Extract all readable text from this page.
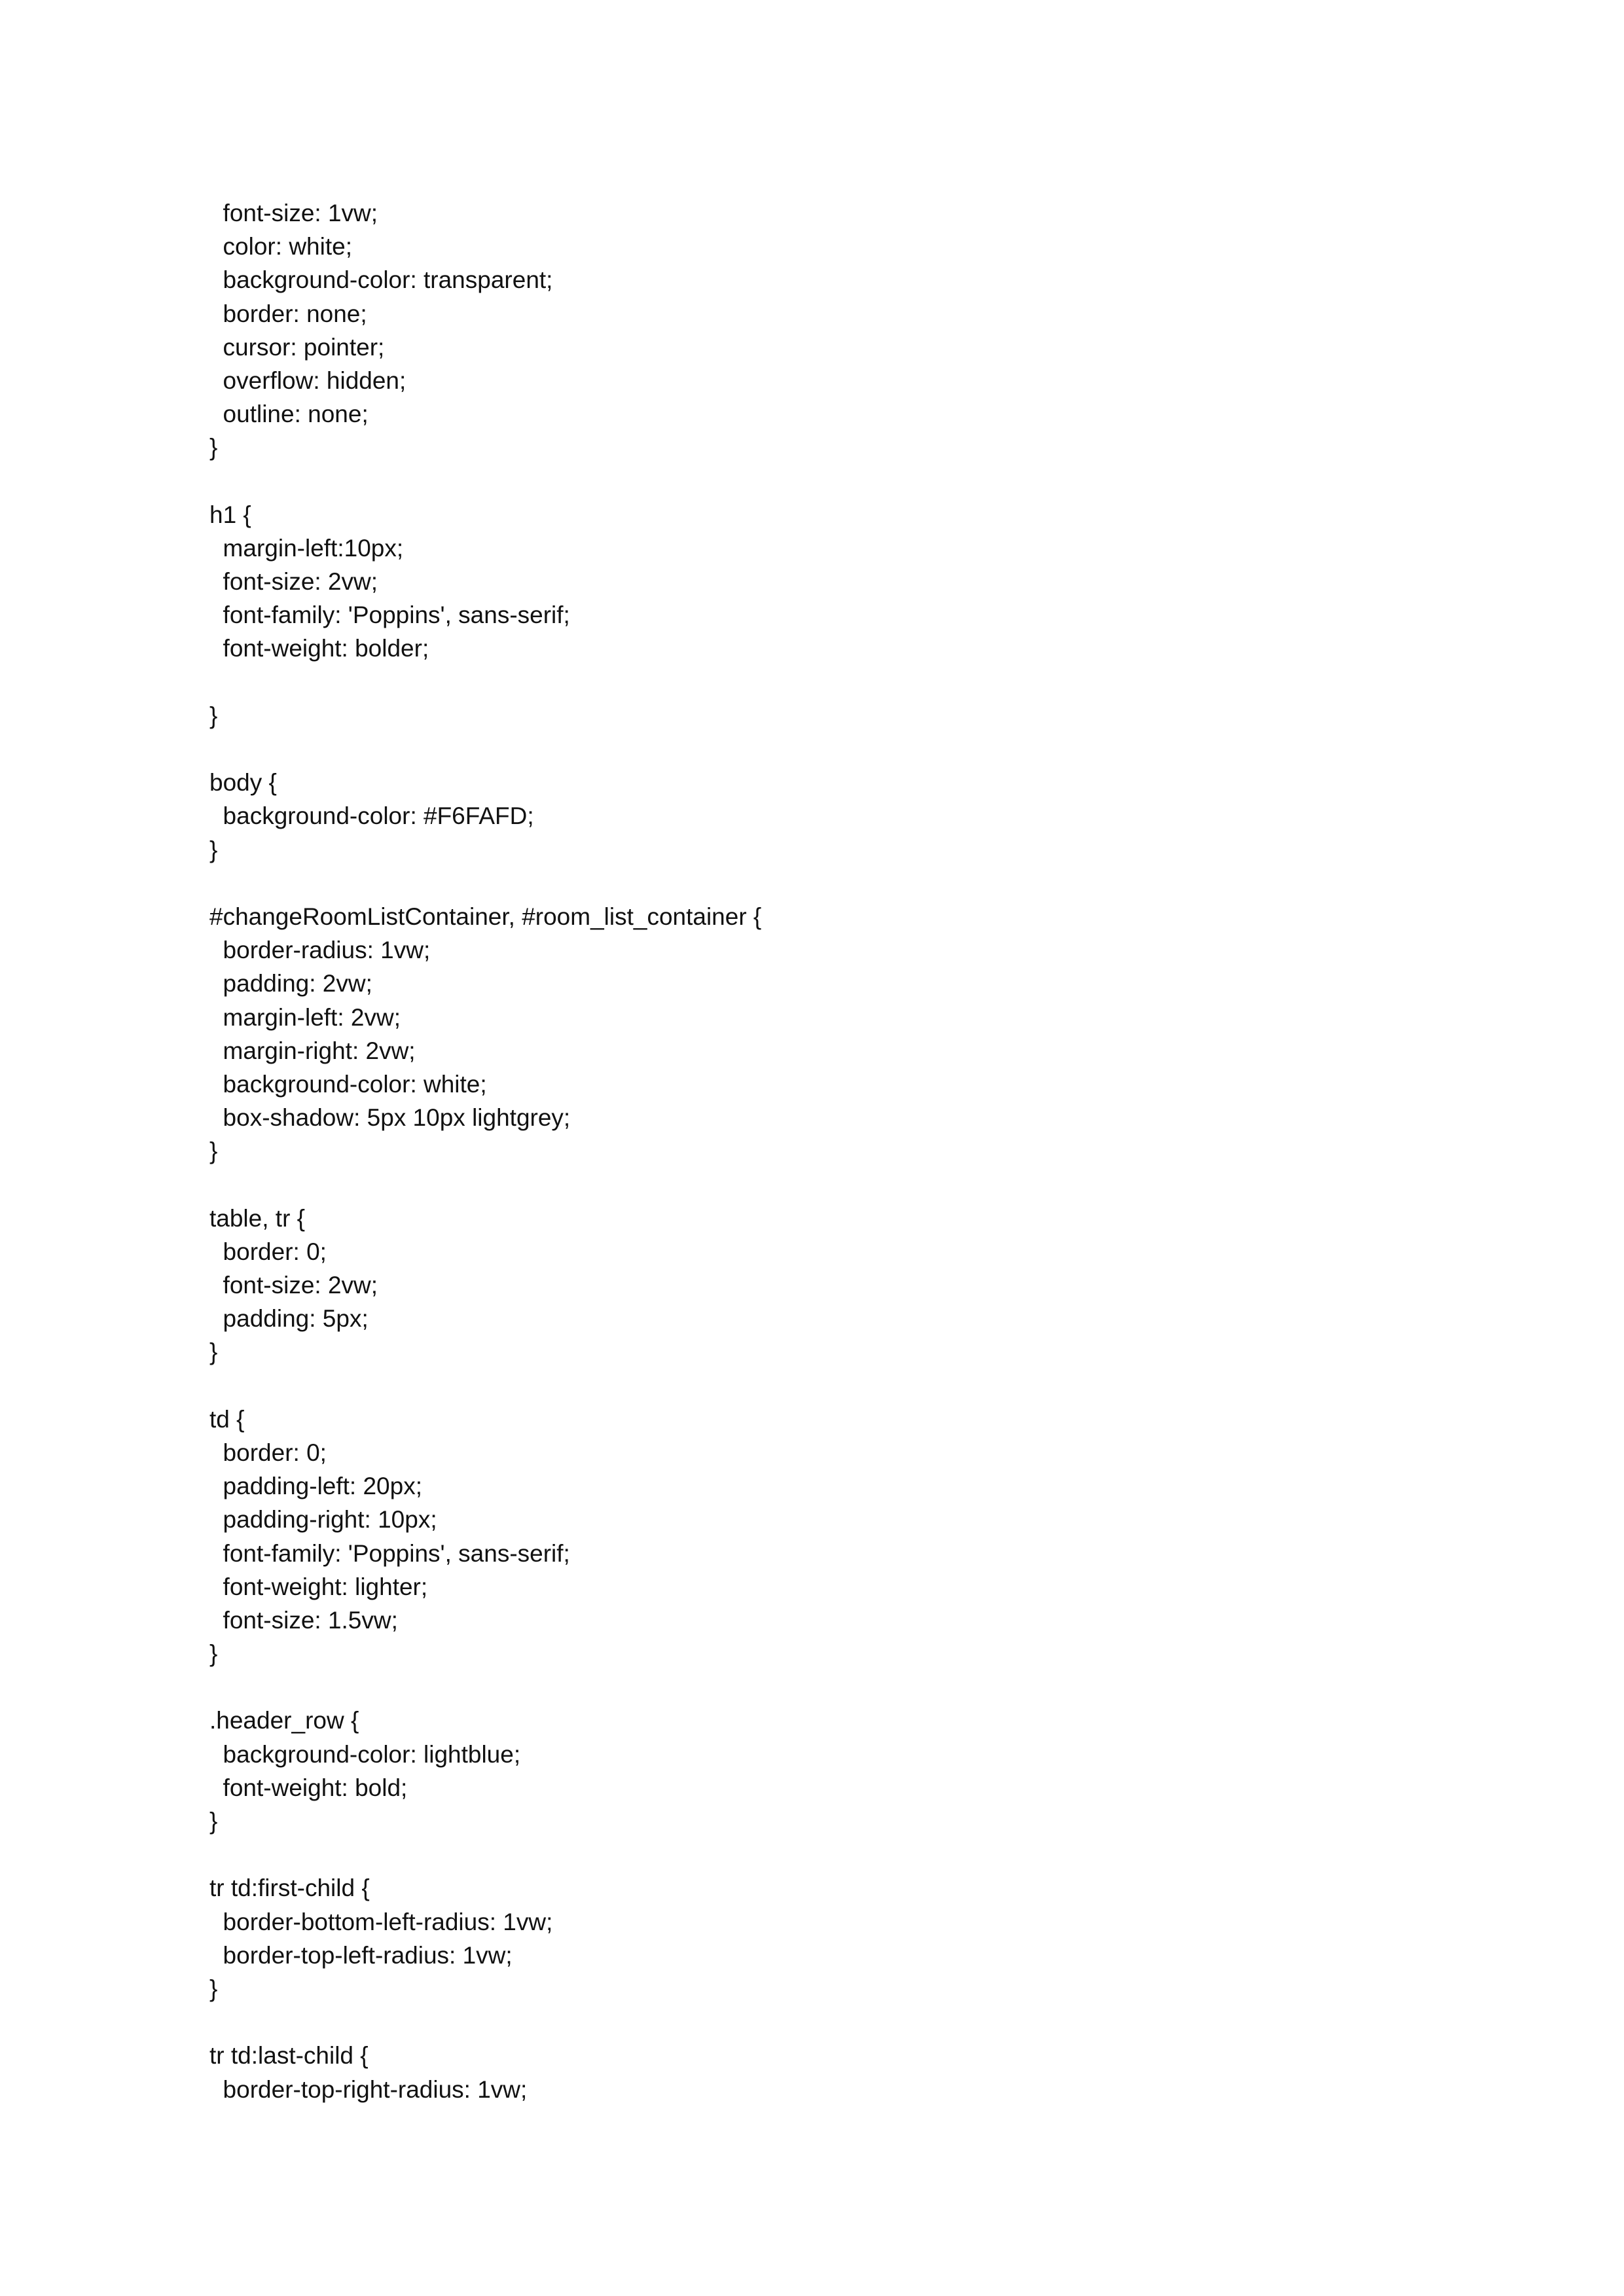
font-size: 1vw;
color: white;
background-color: transparent;
border: none;
cursor: pointer;
overflow: hidden;
outline: none;
}
h1 {
margin-left:10px;
font-size: 2vw;
font-family: 'Poppins', sans-serif;
font-weight: bolder;
}
body {
background-color: #F6FAFD;
}
#changeRoomListContainer, #room_list_container {
border-radius: 1vw;
padding: 2vw;
margin-left: 2vw;
margin-right: 2vw;
background-color: white;
box-shadow: 5px 10px lightgrey;
}
table, tr {
border: 0;
font-size: 2vw;
padding: 5px;
}
td {
border: 0;
padding-left: 20px;
padding-right: 10px;
font-family: 'Poppins', sans-serif;
font-weight: lighter;
font-size: 1.5vw;
}
.header_row {
background-color: lightblue;
font-weight: bold;
}
tr td:first-child {
border-bottom-left-radius: 1vw;
border-top-left-radius: 1vw;
}
tr td:last-child {
border-top-right-radius: 1vw;
